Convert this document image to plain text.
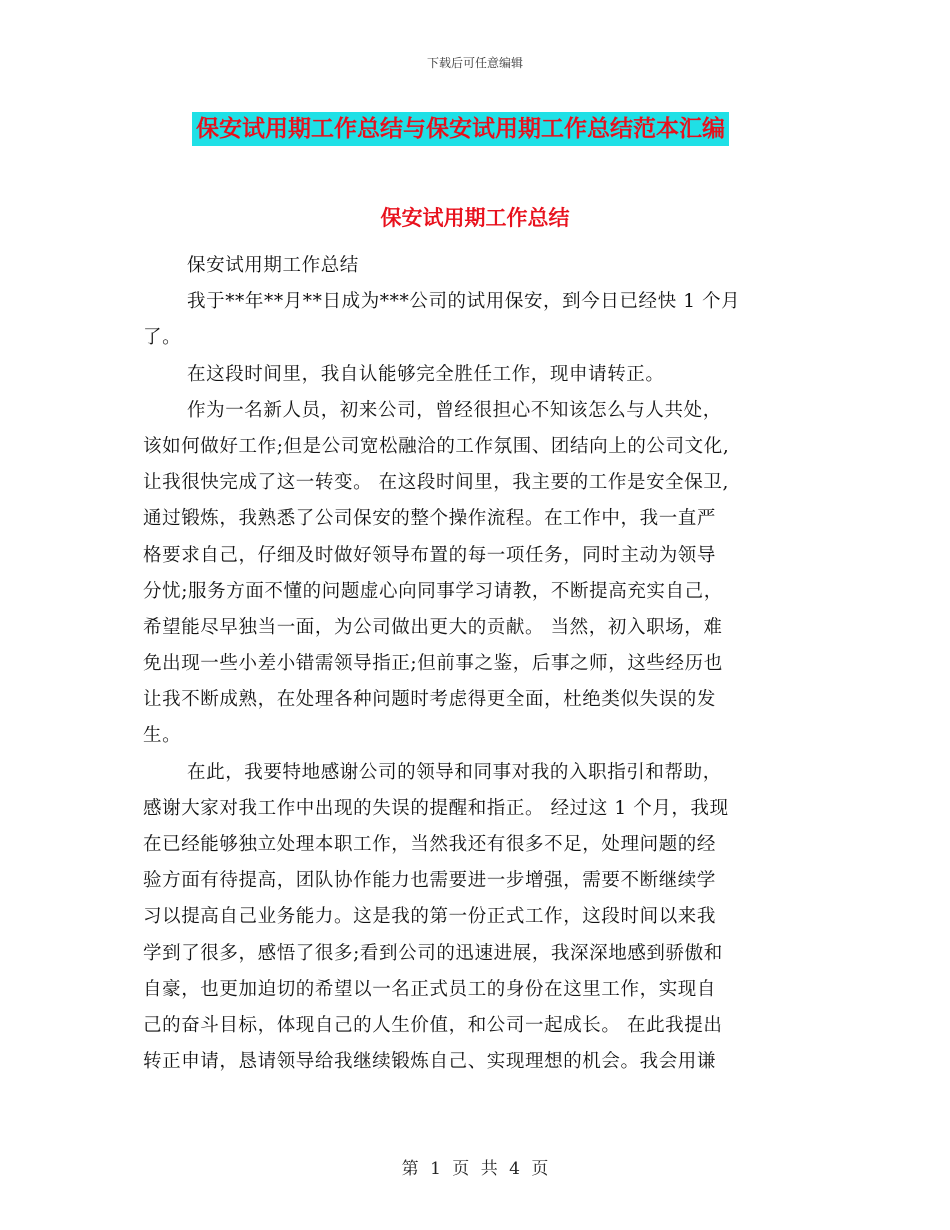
下载后可任意编辑
保安试用期工作总结与保安试用期工作总结范本汇编
保安试用期工作总结
保安试用期工作总结
我于**年**月**日成为***公司的试用保安，到今日已经快 1 个月
了。
在这段时间里，我自认能够完全胜任工作，现申请转正。
作为一名新人员，初来公司，曾经很担心不知该怎么与人共处，
该如何做好工作;但是公司宽松融洽的工作氛围、团结向上的公司文化,
让我很快完成了这一转变。 在这段时间里，我主要的工作是安全保卫,
通过锻炼，我熟悉了公司保安的整个操作流程。在工作中，我一直严
格要求自己，仔细及时做好领导布置的每一项任务，同时主动为领导
分忧;服务方面不懂的问题虚心向同事学习请教，不断提高充实自己，
希望能尽早独当一面，为公司做出更大的贡献。 当然，初入职场，难
免出现一些小差小错需领导指正;但前事之鉴，后事之师，这些经历也
让我不断成熟，在处理各种问题时考虑得更全面，杜绝类似失误的发
生。
在此，我要特地感谢公司的领导和同事对我的入职指引和帮助，
感谢大家对我工作中出现的失误的提醒和指正。 经过这 1 个月，我现
在已经能够独立处理本职工作，当然我还有很多不足，处理问题的经
验方面有待提高，团队协作能力也需要进一步增强，需要不断继续学
习以提高自己业务能力。这是我的第一份正式工作，这段时间以来我
学到了很多，感悟了很多;看到公司的迅速进展，我深深地感到骄傲和
自豪，也更加迫切的希望以一名正式员工的身份在这里工作，实现自
己的奋斗目标，体现自己的人生价值，和公司一起成长。 在此我提出
转正申请，恳请领导给我继续锻炼自己、实现理想的机会。我会用谦
第 1 页 共 4 页
